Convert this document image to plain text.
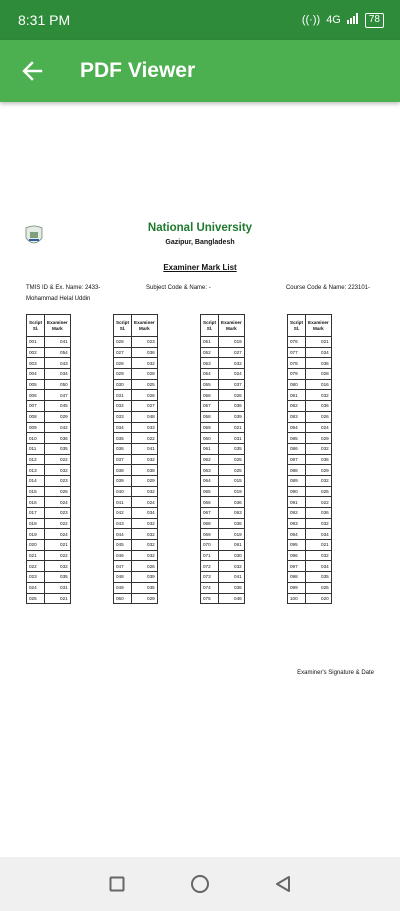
8:31 PM	((·)) 4G	78
PDF Viewer
National University
Gazipur, Bangladesh
Examiner Mark List
TMIS ID & Ex. Name: 2433-	Subject Code & Name: -	Course Code & Name: 223101-
Mohammad Helal Uddin
Script Sl.	Examiner Mark
001	041
002	054
003	043
004	034
005	050
006	047
007	045
008	029
009	042
010	036
011	035
012	022
013	032
014	023
015	025
016	024
017	023
018	022
019	024
020	021
021	022
022	032
023	035
024	031
025	021
Script Sl.	Examiner Mark
026	023
027	036
028	032
029	028
030	025
031	026
032	027
033	048
034	033
035	022
036	041
037	032
038	038
039	029
040	032
041	024
042	034
043	032
044	032
045	032
046	032
047	026
048	039
049	035
050	029
Script Sl.	Examiner Mark
051	019
052	027
053	032
054	024
055	037
056	026
057	036
058	039
059	021
060	031
061	035
062	025
063	025
064	015
065	019
066	036
067	063
068	036
069	019
070	061
071	030
072	032
073	041
074	036
075	046
Script Sl.	Examiner Mark
076	021
077	034
078	036
079	028
080	016
081	032
082	036
083	026
084	024
085	029
086	032
087	036
088	029
089	032
090	025
091	022
092	036
093	032
094	034
095	021
096	032
097	034
098	035
099	025
100	020
Examiner's Signature & Date
